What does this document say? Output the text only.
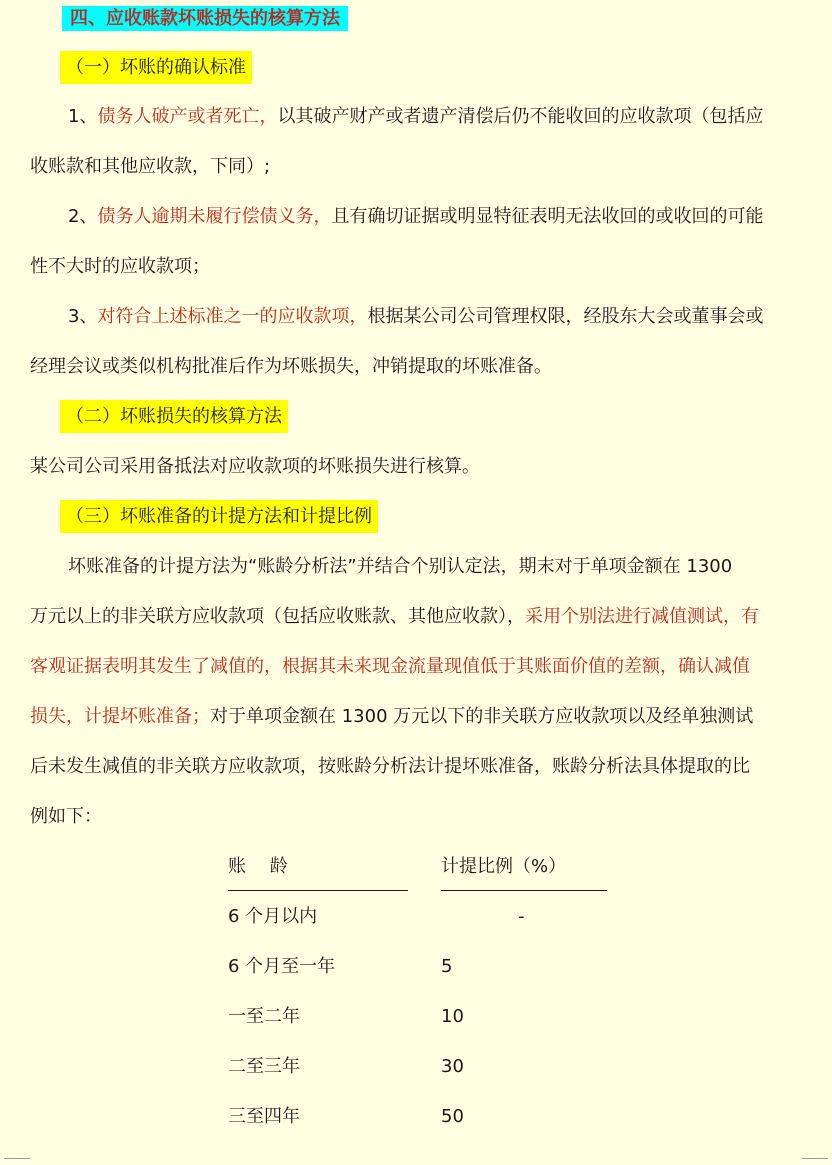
四、应收账款坏账损失的核算方法
（一）坏账的确认标准
1、债务人破产或者死亡，以其破产财产或者遗产清偿后仍不能收回的应收款项（包括应
收账款和其他应收款，下同）;
2、债务人逾期未履行偿债义务，且有确切证据或明显特征表明无法收回的或收回的可能
性不大时的应收款项；
3、对符合上述标准之一的应收款项，根据某公司公司管理权限，经股东大会或董事会或
经理会议或类似机构批准后作为坏账损失，冲销提取的坏账准备。
（二）坏账损失的核算方法
某公司公司采用备抵法对应收款项的坏账损失进行核算。
（三）坏账准备的计提方法和计提比例
坏账准备的计提方法为“账龄分析法”并结合个别认定法，期末对于单项金额在 1300
万元以上的非关联方应收款项（包括应收账款、其他应收款），采用个别法进行减值测试，有
客观证据表明其发生了减值的，根据其未来现金流量现值低于其账面价值的差额，确认减值
损失，计提坏账准备；对于单项金额在 1300 万元以下的非关联方应收款项以及经单独测试
后未发生减值的非关联方应收款项，按账龄分析法计提坏账准备，账龄分析法具体提取的比
例如下：
账　 龄	计提比例（%）
6 个月以内	-
6 个月至一年	5
一至二年	10
二至三年	30
三至四年	50
